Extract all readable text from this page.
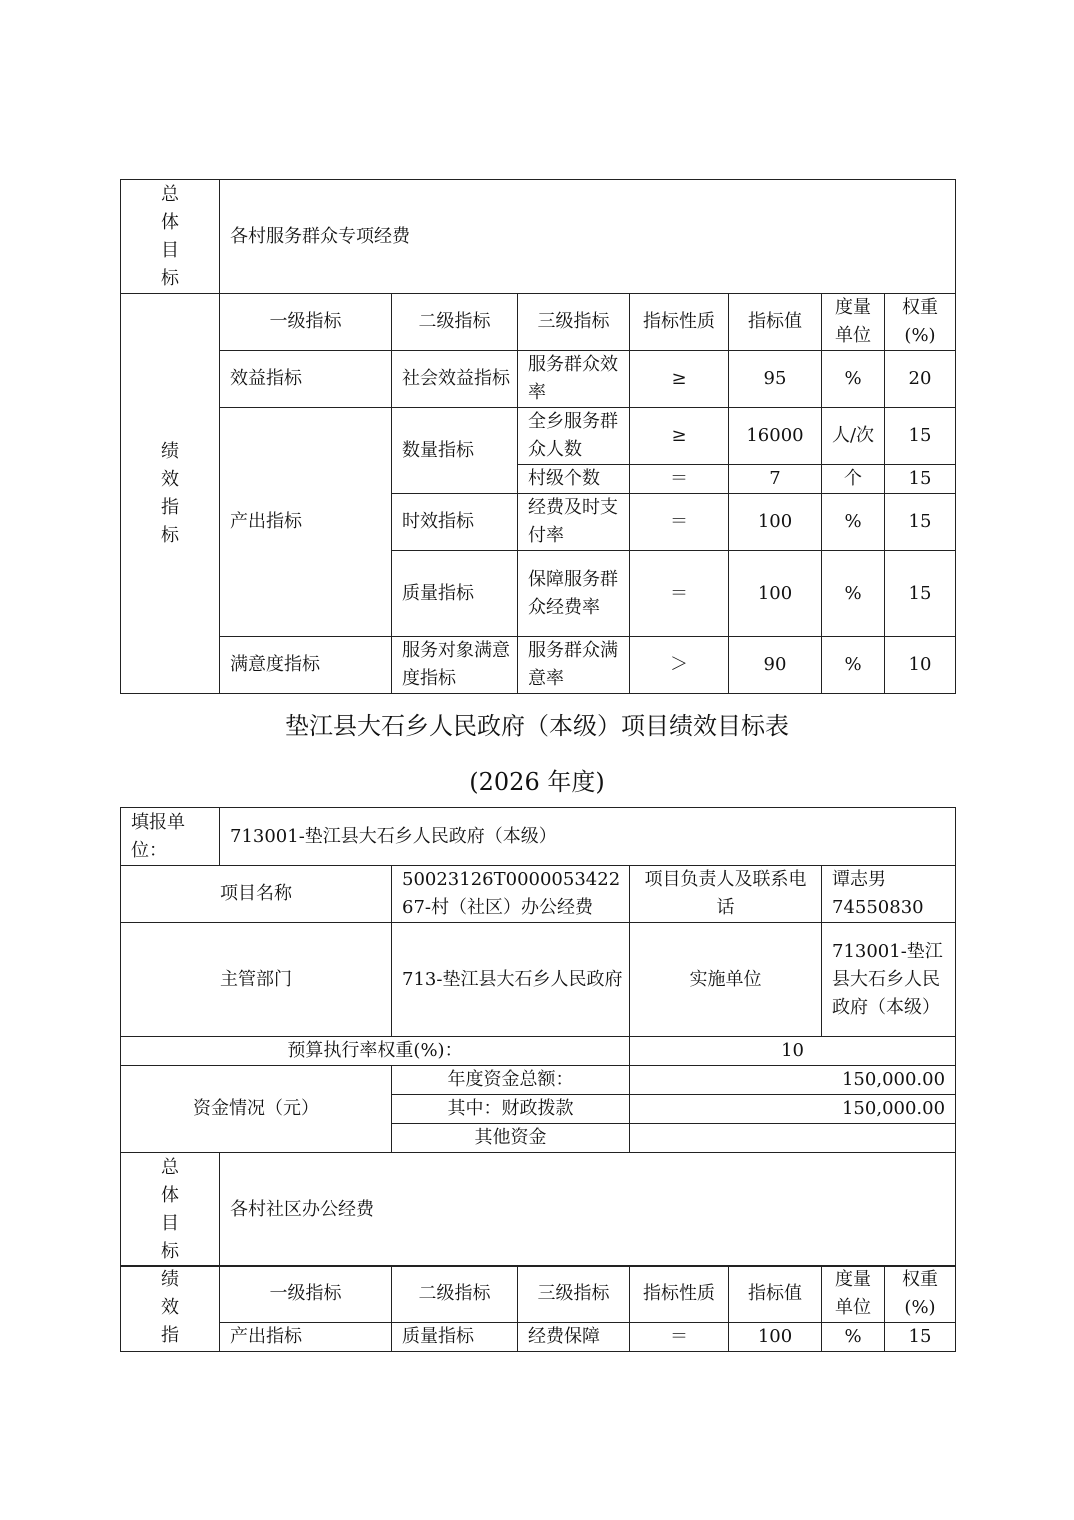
总
体
目
标	各村服务群众专项经费						

绩
效
指
标	一级指标	二级指标	三级指标	指标性质	指标值	度量单位	权重(%)
	效益指标	社会效益指标	服务群众效率	≥	95	%	20
	产出指标	数量指标	全乡服务群众人数	≥	16000	人/次	15
			村级个数	＝	7	个	15
		时效指标	经费及时支付率	＝	100	%	15
		质量指标	保障服务群众经费率	＝	100	%	15
	满意度指标	服务对象满意度指标	服务群众满意率	＞	90	%	10
垫江县大石乡人民政府（本级）项目绩效目标表
(2026 年度)
填报单位：	713001-垫江县大石乡人民政府（本级）			
项目名称		50023126T000005342267-村（社区）办公经费	项目负责人及联系电话	谭志男 74550830
主管部门		713-垫江县大石乡人民政府	实施单位	713001-垫江县大石乡人民政府（本级）
预算执行率权重(%)：			10	
资金情况（元）		年度资金总额：	150,000.00	
		其中：财政拨款	150,000.00	
		其他资金		

总
体
目
标	各村社区办公经费			
绩
效
指	一级指标	二级指标	三级指标	指标性质	指标值	度量单位	权重(%)
	产出指标	质量指标	经费保障	＝	100	%	15
